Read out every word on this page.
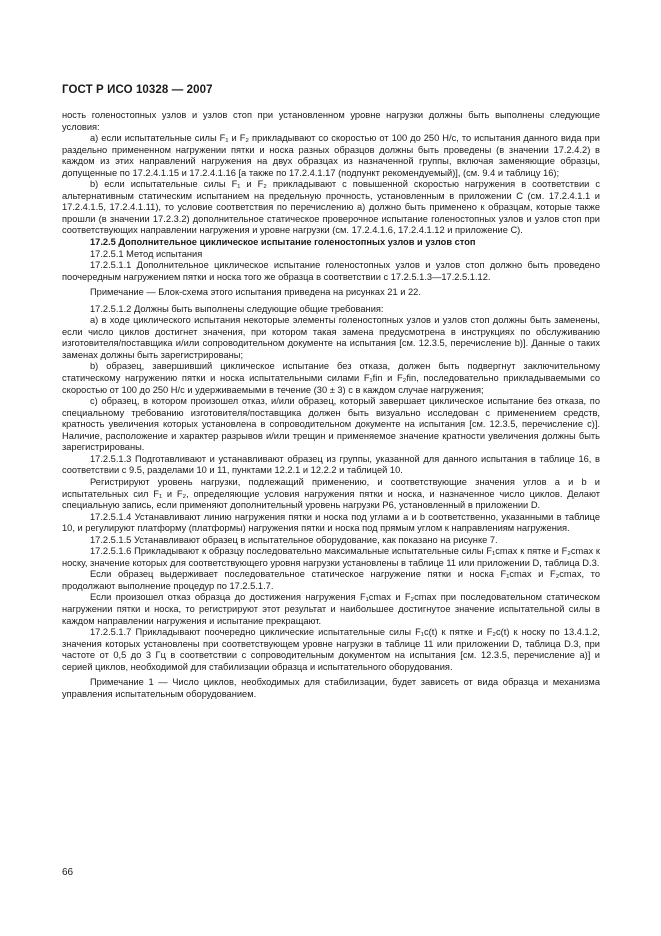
ГОСТ Р ИСО 10328 — 2007

ность голеностопных узлов и узлов стоп при установленном уровне нагрузки должны быть выполнены следующие условия:

а) если испытательные силы F₁ и F₂ прикладывают со скоростью от 100 до 250 Н/с, то испытания данного вида при раздельно примененном нагружении пятки и носка разных образцов должны быть проведены (в значении 17.2.4.2) в каждом из этих направлений нагружения на двух образцах из назначенной группы, включая заменяющие образцы, допущенные по 17.2.4.1.15 и 17.2.4.1.16 [а также по 17.2.4.1.17 (подпункт рекомендуемый)], (см. 9.4 и таблицу 16);

b) если испытательные силы F₁ и F₂ прикладывают с повышенной скоростью нагружения в соответствии с альтернативным статическим испытанием на предельную прочность, установленным в приложении С (см. 17.2.4.1.1 и 17.2.4.1.5, 17.2.4.1.11), то условие соответствия по перечислению а) должно быть применено к образцам, которые также прошли (в значении 17.2.3.2) дополнительное статическое проверочное испытание голеностопных узлов и узлов стоп при соответствующих направлении нагружения и уровне нагрузки (см. 17.2.4.1.6, 17.2.4.1.12 и приложение С).

17.2.5 Дополнительное циклическое испытание голеностопных узлов и узлов стоп

17.2.5.1 Метод испытания

17.2.5.1.1 Дополнительное циклическое испытание голеностопных узлов и узлов стоп должно быть проведено поочередным нагружением пятки и носка того же образца в соответствии с 17.2.5.1.3—17.2.5.1.12.

Примечание — Блок-схема этого испытания приведена на рисунках 21 и 22.

17.2.5.1.2 Должны быть выполнены следующие общие требования:

а) в ходе циклического испытания некоторые элементы голеностопных узлов и узлов стоп должны быть заменены, если число циклов достигнет значения, при котором такая замена предусмотрена в инструкциях по обслуживанию изготовителя/поставщика и/или сопроводительном документе на испытания [см. 12.3.5, перечисление b)]. Данные о таких заменах должны быть зарегистрированы;

b) образец, завершивший циклическое испытание без отказа, должен быть подвергнут заключительному статическому нагружению пятки и носка испытательными силами F₁fin и F₂fin, последовательно прикладываемыми со скоростью от 100 до 250 Н/с и удерживаемыми в течение (30 ± 3) с в каждом случае нагружения;

с) образец, в котором произошел отказ, и/или образец, который завершает циклическое испытание без отказа, по специальному требованию изготовителя/поставщика должен быть визуально исследован с применением средств, кратность увеличения которых установлена в сопроводительном документе на испытания [см. 12.3.5, перечисление с)]. Наличие, расположение и характер разрывов и/или трещин и применяемое значение кратности увеличения должны быть зарегистрированы.

17.2.5.1.3 Подготавливают и устанавливают образец из группы, указанной для данного испытания в таблице 16, в соответствии с 9.5, разделами 10 и 11, пунктами 12.2.1 и 12.2.2 и таблицей 10.

Регистрируют уровень нагрузки, подлежащий применению, и соответствующие значения углов a и b и испытательных сил F₁ и F₂, определяющие условия нагружения пятки и носка, и назначенное число циклов. Делают специальную запись, если применяют дополнительный уровень нагрузки Р6, установленный в приложении D.

17.2.5.1.4 Устанавливают линию нагружения пятки и носка под углами a и b соответственно, указанными в таблице 10, и регулируют платформу (платформы) нагружения пятки и носка под прямым углом к направлениям нагружения.

17.2.5.1.5 Устанавливают образец в испытательное оборудование, как показано на рисунке 7.

17.2.5.1.6 Прикладывают к образцу последовательно максимальные испытательные силы F₁cmax к пятке и F₂cmax к носку, значение которых для соответствующего уровня нагрузки установлены в таблице 11 или приложении D, таблица D.3.

Если образец выдерживает последовательное статическое нагружение пятки и носка F₁cmax и F₂cmax, то продолжают выполнение процедур по 17.2.5.1.7.

Если произошел отказ образца до достижения нагружения F₁cmax и F₂cmax при последовательном статическом нагружении пятки и носка, то регистрируют этот результат и наибольшее достигнутое значение испытательной силы в каждом направлении нагружения и испытание прекращают.

17.2.5.1.7 Прикладывают поочередно циклические испытательные силы F₁c(t) к пятке и F₂c(t) к носку по 13.4.1.2, значения которых установлены при соответствующем уровне нагрузки в таблице 11 или приложении D, таблица D.3, при частоте от 0,5 до 3 Гц в соответствии с сопроводительным документом на испытания [см. 12.3.5, перечисление а)] и серией циклов, необходимой для стабилизации образца и испытательного оборудования.

Примечание 1 — Число циклов, необходимых для стабилизации, будет зависеть от вида образца и механизма управления испытательным оборудованием.

66
